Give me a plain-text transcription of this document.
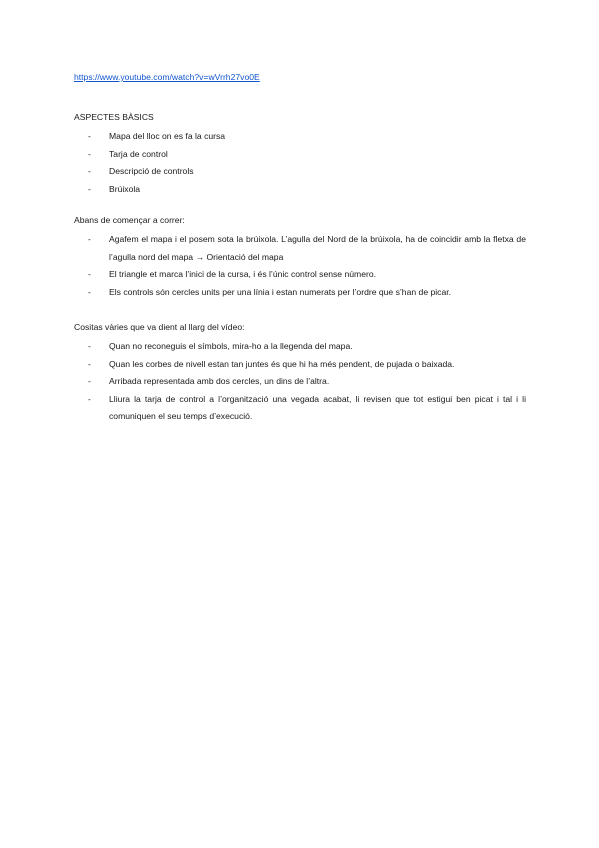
https://www.youtube.com/watch?v=wVrrh27vo0E

ASPECTES BÀSICS

- Mapa del lloc on es fa la cursa
- Tarja de control
- Descripció de controls
- Brúixola

Abans de començar a correr:

- Agafem el mapa i el posem sota la brúixola. L’agulla del Nord de la brúixola, ha de coincidir amb la fletxa de l’agulla nord del mapa → Orientació del mapa
- El triangle et marca l’inici de la cursa, i és l’únic control sense número.
- Els controls són cercles units per una línia i estan numerats per l’ordre que s’han de picar.

Cositas vàries que va dient al llarg del vídeo:

- Quan no reconeguis el símbols, mira-ho a la llegenda del mapa.
- Quan les corbes de nivell estan tan juntes és que hi ha més pendent, de pujada o baixada.
- Arribada representada amb dos cercles, un dins de l’altra.
- Lliura la tarja de control a l’organització una vegada acabat, li revisen que tot estigui ben picat i tal i li comuniquen el seu temps d’execució.
